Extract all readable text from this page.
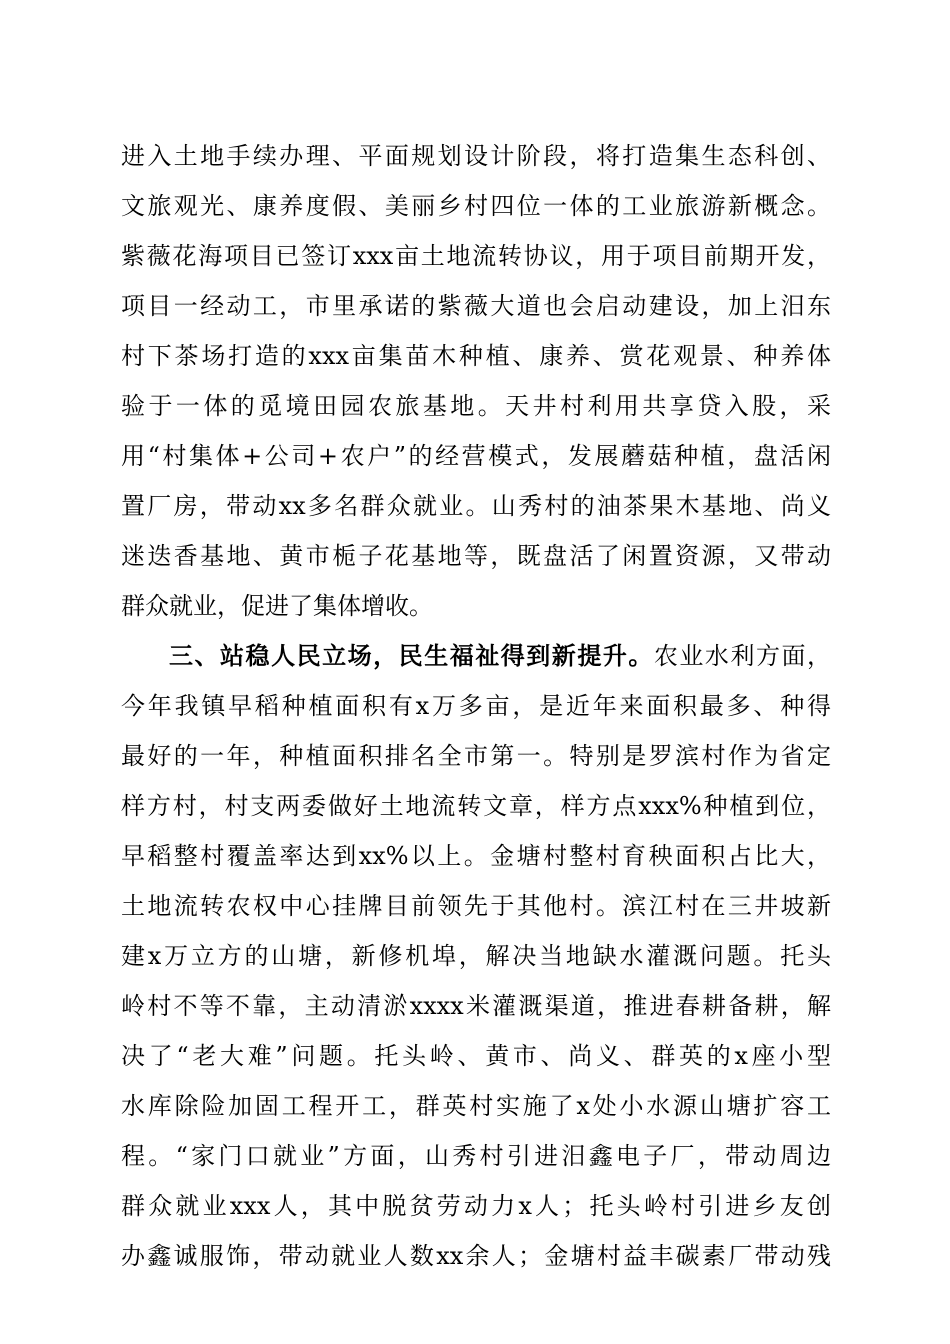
进入土地手续办理、平面规划设计阶段，将打造集生态科创、
文旅观光、康养度假、美丽乡村四位一体的工业旅游新概念。
紫薇花海项目已签订xxx亩土地流转协议，用于项目前期开发，
项目一经动工，市里承诺的紫薇大道也会启动建设，加上汨东
村下茶场打造的xxx亩集苗木种植、康养、赏花观景、种养体
验于一体的觅境田园农旅基地。天井村利用共享贷入股，采
用“村集体+公司+农户”的经营模式，发展蘑菇种植，盘活闲
置厂房，带动xx多名群众就业。山秀村的油茶果木基地、尚义
迷迭香基地、黄市栀子花基地等，既盘活了闲置资源，又带动
群众就业，促进了集体增收。
三、站稳人民立场，民生福祉得到新提升。农业水利方面，
今年我镇早稻种植面积有x万多亩，是近年来面积最多、种得
最好的一年，种植面积排名全市第一。特别是罗滨村作为省定
样方村，村支两委做好土地流转文章，样方点xxx%种植到位，
早稻整村覆盖率达到xx%以上。金塘村整村育秧面积占比大，
土地流转农权中心挂牌目前领先于其他村。滨江村在三井坡新
建x万立方的山塘，新修机埠，解决当地缺水灌溉问题。托头
岭村不等不靠，主动清淤xxxx米灌溉渠道，推进春耕备耕，解
决了“老大难”问题。托头岭、黄市、尚义、群英的x座小型
水库除险加固工程开工，群英村实施了x处小水源山塘扩容工
程。“家门口就业”方面，山秀村引进汨鑫电子厂，带动周边
群众就业xxx人，其中脱贫劳动力x人；托头岭村引进乡友创
办鑫诚服饰，带动就业人数xx余人；金塘村益丰碳素厂带动残
